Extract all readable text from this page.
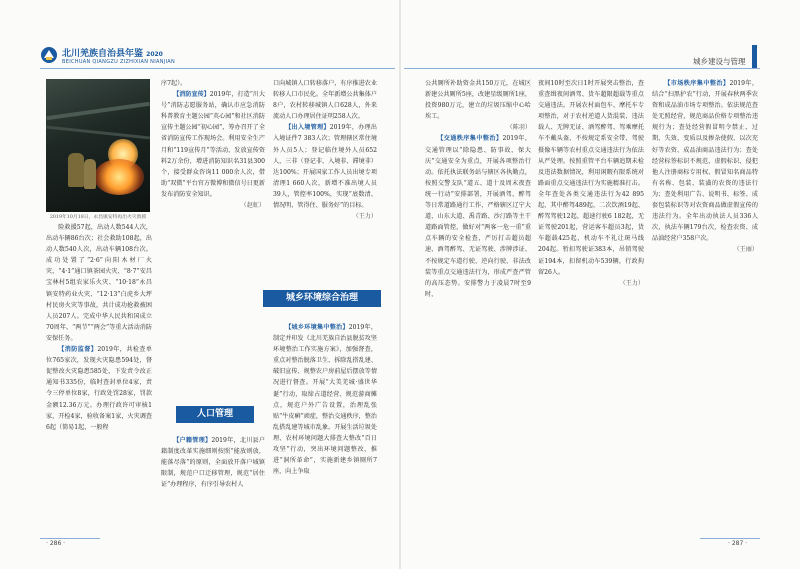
北川羌族自治县年鉴 2020
BEICHUAN QIANGZU ZIZHIXIAN NIANJIAN	城乡建设与管理
2019年10月18日，永昌镇安特再出火灾救援

险救援57起，出动人数544人次，出动车辆86台次；社会救助108起，出动人数540人次，出动车辆108台次。成功处置了“2·6”向阳木材厂火灾、“4·1”通口镇茶园火灾、“8·7”安昌宝林村5组农家乐火灾、“10·18”永昌镇安特药业火灾、“12·13”白虎乡大坪村民房火灾等事故，共计成功抢救被困人员207人。完成中华人民共和国成立70周年、“两节”“两会”等重大活动消防安保任务。

【消防监督】2019年，共检查单位765家次，发现火灾隐患594处，督促整改火灾隐患585处，下发责令改正通知书335份，临时查封单位4家，责令三停单位8家，行政处罚28家，罚款金额12.36万元。办理行政许可审核1家，开检4家，验收备案1家，火灾调查6起（简易1起、一般程

序7起）。

【消防宣传】2019年，打造“川大号”消防志愿服务站，确认市应急消防科普教育主题公园“英心园”和社区消防宣传主题公园“初心园”，筹办召开了全省消防宣传工作现场会。利用安全生产月和“119宣传月”等活动，发放宣传资料2万余份，增进消防知识名31县300个，接受群众咨询11 000余人次，借助“双微”平台官方微博和微信号日更新发布消防安全知识。

（赵虹）

人口管理

【户籍管理】2019年，北川县户籍制度改革实施细则按照“能放则放，能落尽落”的原则，全面放开落户城镇限制，规范户口迁移管理，规范“居住证”办理程序，有序引导农村人

口向城镇人口转移落户，有序推进农业转移人口市民化。全年新增公共集体户8户，农村转移城镇人口628人，外来流动人口办理居住证明258人次。

【出入境管理】2019年，办理出入境证件7 383人次；管理辖区常住境外人员5人；登记临住境外人员652人，三非（登记非、入境非、滞境非）达100%；开展国家工作人员出境专项清理1 660人次，新增不准出境人员39人，管控率100%，实现“底数清、情况明、管得住、服务好”的目标。

（王力）

城乡环境综合治理

【城乡环境集中整治】2019年，制定并印发《北川羌族自治县脱贫攻坚环境整治工作实施方案》，加强督查，重点对整治脱落卫生、拆除乱搭乱建、破旧宣传、规整农户房前屋后摆放等情况进行督查。开展“大美羌城·盛世华诞”行动，取缔占道经营、规范游商摊点，规范户外广告设置，治理乱张贴“牛皮癣”顽症，整治交通秩序，整治乱搭乱建等城市乱象。开展生活垃圾处理、农村环境问题大排查大整改“百日攻坚”行动，突出环境问题整改，推进“洞所革命”，实施新建乡镇厕所7座，向上争取

公共厕所补助资金共150万元，在城区新建公共厕所5座，改建星级厕所1座，投资980万元，建立的垃圾压缩中心哈埃工。

（陈羽）

【交通秩序集中整治】2019年，交通管理以“除隐患、防事故、保大庆”交通安全为重点，开展各项整治行动。依托执法联务站与辖区各执勤点，按照交警支队“道五、道十及周末夜查统一行动”安排部署，开展酒驾、醉驾等日常道路通行工作，严格辖区辽宁大道、山东大道、禹青路、沙汀路等主干道路面管控，做好对“两客一危一重”重点车辆的安全检查，严厉打击超员超速、酒驾醉驾、无证驾驶、涉牌涉证、不按规定车道行驶、逆向行驶、非法改装等重点交通违法行为，形成严查严管的高压态势。安排警力于凌晨7时至9时，

夜间10时至次日1时开展突击整治，查重查缉夜间酒驾、货车超限超载等重点交通违法。开展农村面包车、摩托车专项整治，对于农村逆道人货混装、违法载人、无牌无证、酒驾醉驾、驾乘摩托车不戴头盔、不按规定系安全带、驾驶摄像车辆等农村重点交通违法行为依法从严处理。按照重管平台车辆追期未检及违法数据情况，利用闲暇有限系统对路面重点交通违法行为实施精准打击。全年查处各类交通违法行为42 895起，其中醉驾489起，二次饮酒19起、醉驾驾驶12起，超速行驶6 182起，无证驾驶201起，营运客车超员3起，货车超载425起，机动车不礼让斑马线204起。暂扣驾驶证383本，吊销驾驶证194本，扣留机动车539辆，行政拘留26人。

（王力）

【市场秩序集中整治】2019年，结合“扫黑护农”行动，开展春秋两季农资和成品油市场专项整治。依法规范查处无照经营，规范商品价格专项整治违规行为；查处经营假冒明令禁止、过期、失效、变质以及掺杂使假、以次充好等农资、成品油商品违法行为；查处经营标签标识不规范、虚假标识、侵犯他人注册商标专用权、假冒知名商品特有名称、包装、装潢的农资的违法行为；查处利用广告、说明书、标签、成套包装标识等对农资商品做虚假宣传的违法行为。全年出动执法人员336人次，执法车辆179台次，检查农资、成品油经营户358户次。

（王丽）

· 286 ·	· 287 ·
